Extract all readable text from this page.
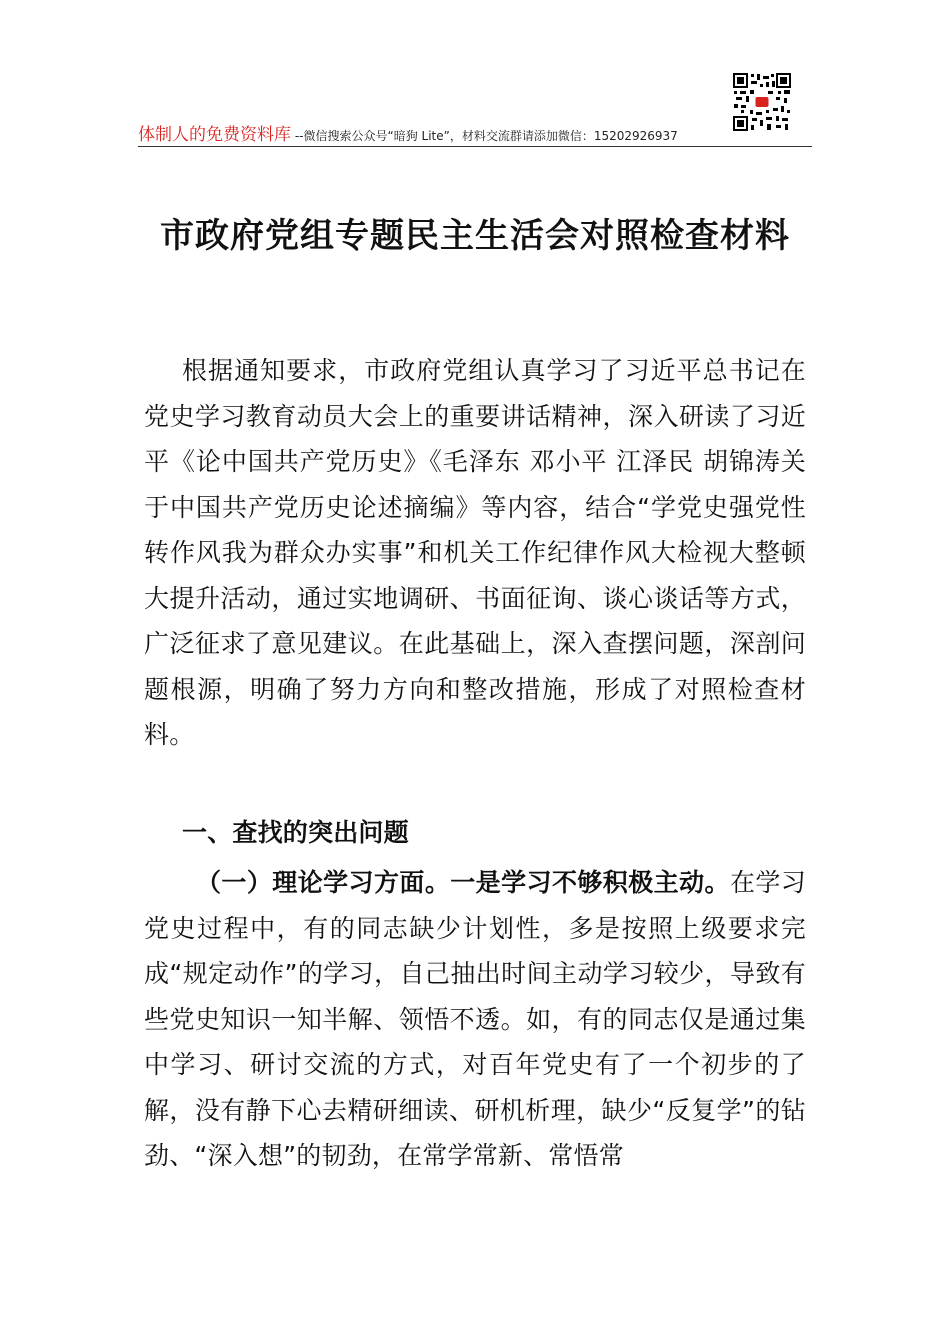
体制人的免费资料库 --微信搜索公众号“暗狗 Lite”，材料交流群请添加微信：15202926937
市政府党组专题民主生活会对照检查材料
根据通知要求，市政府党组认真学习了习近平总书记在党史学习教育动员大会上的重要讲话精神，深入研读了习近平《论中国共产党历史》《毛泽东 邓小平 江泽民 胡锦涛关于中国共产党历史论述摘编》等内容，结合“学党史强党性转作风我为群众办实事”和机关工作纪律作风大检视大整顿大提升活动，通过实地调研、书面征询、谈心谈话等方式，广泛征求了意见建议。在此基础上，深入查摆问题，深剖问题根源，明确了努力方向和整改措施，形成了对照检查材料。
一、查找的突出问题
（一）理论学习方面。一是学习不够积极主动。在学习党史过程中，有的同志缺少计划性，多是按照上级要求完成“规定动作”的学习，自己抽出时间主动学习较少，导致有些党史知识一知半解、领悟不透。如，有的同志仅是通过集中学习、研讨交流的方式，对百年党史有了一个初步的了解，没有静下心去精研细读、研机析理，缺少“反复学”的钻劲、“深入想”的韧劲，在常学常新、常悟常
